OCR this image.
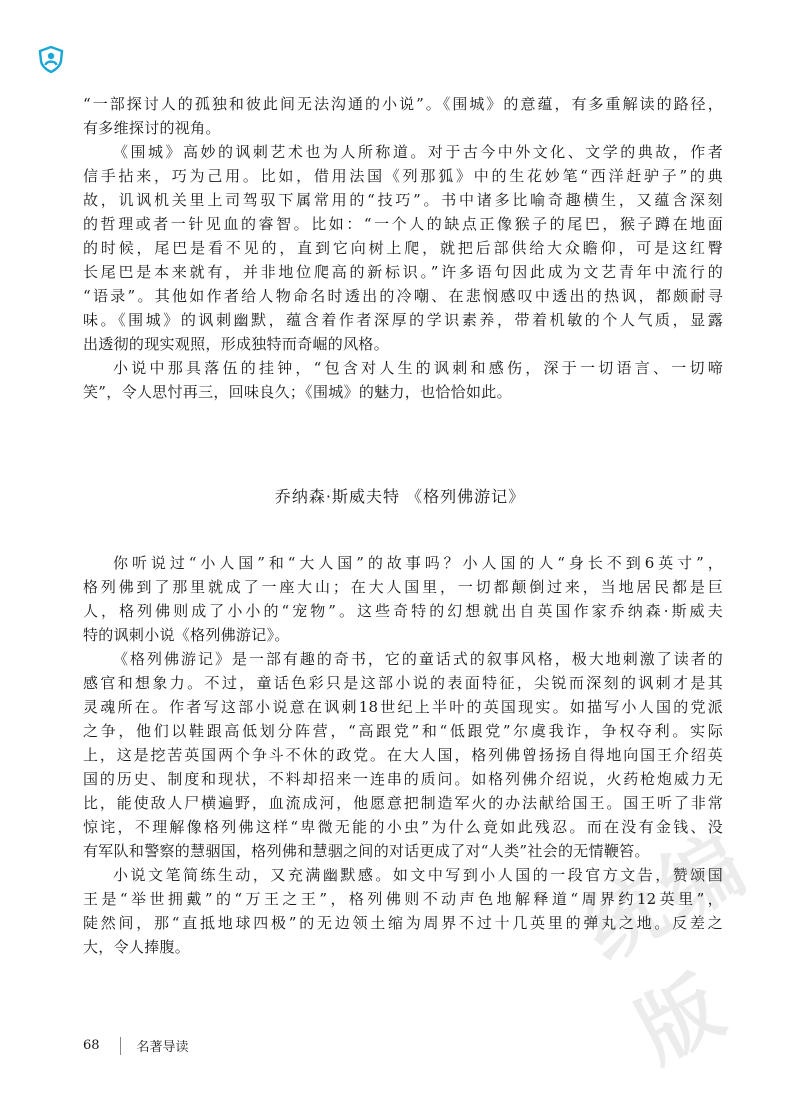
统编版
“一部探讨人的孤独和彼此间无法沟通的小说”。《围城》的意蕴，有多重解读的路径，
有多维探讨的视角。
《围城》高妙的讽刺艺术也为人所称道。对于古今中外文化、文学的典故，作者
信手拈来，巧为己用。比如，借用法国《列那狐》中的生花妙笔“西洋赶驴子”的典
故，讥讽机关里上司驾驭下属常用的“技巧”。书中诸多比喻奇趣横生，又蕴含深刻
的哲理或者一针见血的睿智。比如：“一个人的缺点正像猴子的尾巴，猴子蹲在地面
的时候，尾巴是看不见的，直到它向树上爬，就把后部供给大众瞻仰，可是这红臀
长尾巴是本来就有，并非地位爬高的新标识。”许多语句因此成为文艺青年中流行的
“语录”。其他如作者给人物命名时透出的冷嘲、在悲悯感叹中透出的热讽，都颇耐寻
味。《围城》的讽刺幽默，蕴含着作者深厚的学识素养，带着机敏的个人气质，显露
出透彻的现实观照，形成独特而奇崛的风格。
小说中那具落伍的挂钟，“包含对人生的讽刺和感伤，深于一切语言、一切啼
笑”，令人思忖再三，回味良久；《围城》的魅力，也恰恰如此。
乔纳森·斯威夫特 《格列佛游记》
你听说过“小人国”和“大人国”的故事吗？小人国的人“身长不到6英寸”，
格列佛到了那里就成了一座大山；在大人国里，一切都颠倒过来，当地居民都是巨
人，格列佛则成了小小的“宠物”。这些奇特的幻想就出自英国作家乔纳森·斯威夫
特的讽刺小说《格列佛游记》。
《格列佛游记》是一部有趣的奇书，它的童话式的叙事风格，极大地刺激了读者的
感官和想象力。不过，童话色彩只是这部小说的表面特征，尖锐而深刻的讽刺才是其
灵魂所在。作者写这部小说意在讽刺18世纪上半叶的英国现实。如描写小人国的党派
之争，他们以鞋跟高低划分阵营，“高跟党”和“低跟党”尔虞我诈，争权夺利。实际
上，这是挖苦英国两个争斗不休的政党。在大人国，格列佛曾扬扬自得地向国王介绍英
国的历史、制度和现状，不料却招来一连串的质问。如格列佛介绍说，火药枪炮威力无
比，能使敌人尸横遍野，血流成河，他愿意把制造军火的办法献给国王。国王听了非常
惊诧，不理解像格列佛这样“卑微无能的小虫”为什么竟如此残忍。而在没有金钱、没
有军队和警察的慧骃国，格列佛和慧骃之间的对话更成了对“人类”社会的无情鞭笞。
小说文笔简练生动，又充满幽默感。如文中写到小人国的一段官方文告，赞颂国
王是“举世拥戴”的“万王之王”，格列佛则不动声色地解释道“周界约12英里”，
陡然间，那“直抵地球四极”的无边领土缩为周界不过十几英里的弹丸之地。反差之
大，令人捧腹。
68	名著导读
